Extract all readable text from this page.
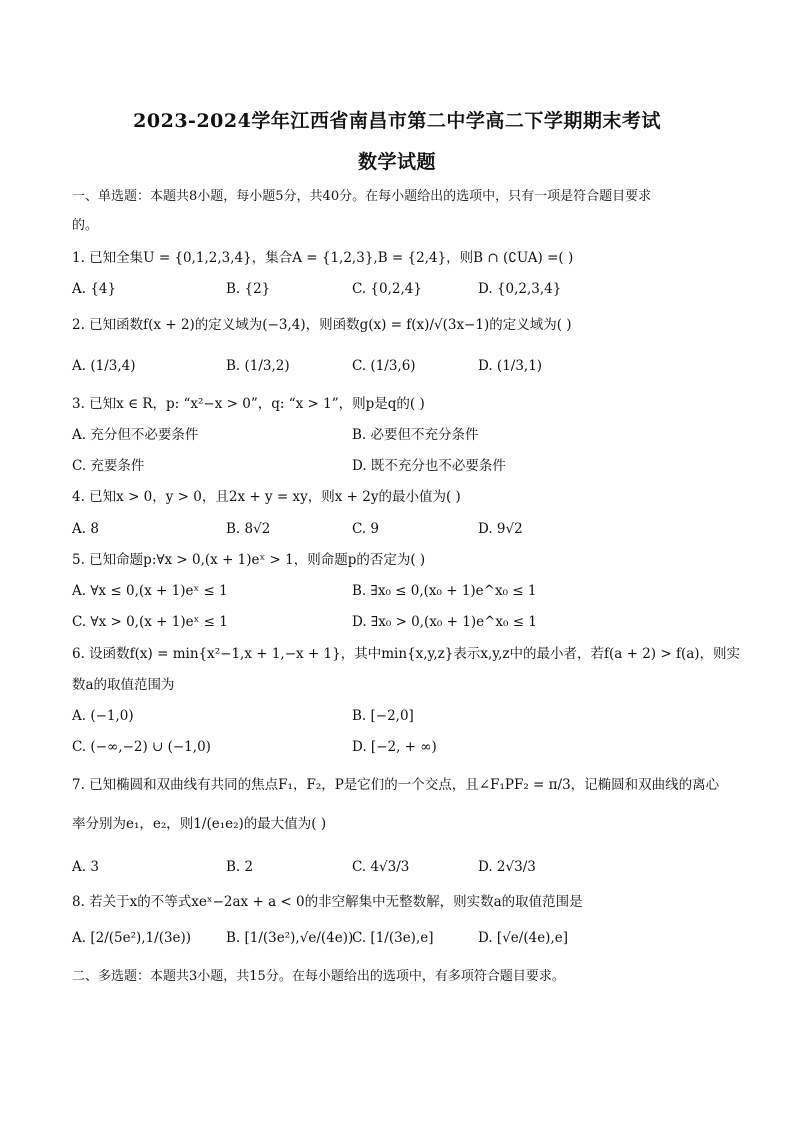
2023-2024学年江西省南昌市第二中学高二下学期期末考试
数学试题
一、单选题：本题共8小题，每小题5分，共40分。在每小题给出的选项中，只有一项是符合题目要求
的。
1. 已知全集U = {0,1,2,3,4}，集合A = {1,2,3},B = {2,4}，则B ∩ (∁UA) =( )
A. {4}	B. {2}	C. {0,2,4}	D. {0,2,3,4}
2. 已知函数f(x + 2)的定义域为(−3,4)，则函数g(x) = f(x)/√(3x−1)的定义域为( )
A. (1/3,4)	B. (1/3,2)	C. (1/3,6)	D. (1/3,1)
3. 已知x ∈ R，p: “x²−x > 0”，q: “x > 1”，则p是q的( )
A. 充分但不必要条件	B. 必要但不充分条件
C. 充要条件	D. 既不充分也不必要条件
4. 已知x > 0，y > 0，且2x + y = xy，则x + 2y的最小值为( )
A. 8	B. 8√2	C. 9	D. 9√2
5. 已知命题p:∀x > 0,(x + 1)eˣ > 1，则命题p的否定为( )
A. ∀x ≤ 0,(x + 1)eˣ ≤ 1	B. ∃x₀ ≤ 0,(x₀ + 1)e^x₀ ≤ 1
C. ∀x > 0,(x + 1)eˣ ≤ 1	D. ∃x₀ > 0,(x₀ + 1)e^x₀ ≤ 1
6. 设函数f(x) = min{x²−1,x + 1,−x + 1}，其中min{x,y,z}表示x,y,z中的最小者，若f(a + 2) > f(a)，则实
数a的取值范围为
A. (−1,0)	B. [−2,0]
C. (−∞,−2) ∪ (−1,0)	D. [−2, + ∞)
7. 已知椭圆和双曲线有共同的焦点F₁，F₂，P是它们的一个交点，且∠F₁PF₂ = π/3，记椭圆和双曲线的离心
率分别为e₁，e₂，则1/(e₁e₂)的最大值为( )
A. 3	B. 2	C. 4√3/3	D. 2√3/3
8. 若关于x的不等式xeˣ−2ax + a < 0的非空解集中无整数解，则实数a的取值范围是
A. [2/(5e²),1/(3e))	B. [1/(3e²),√e/(4e))
C. [1/(3e),e]	D. [√e/(4e),e]
二、多选题：本题共3小题，共15分。在每小题给出的选项中，有多项符合题目要求。
